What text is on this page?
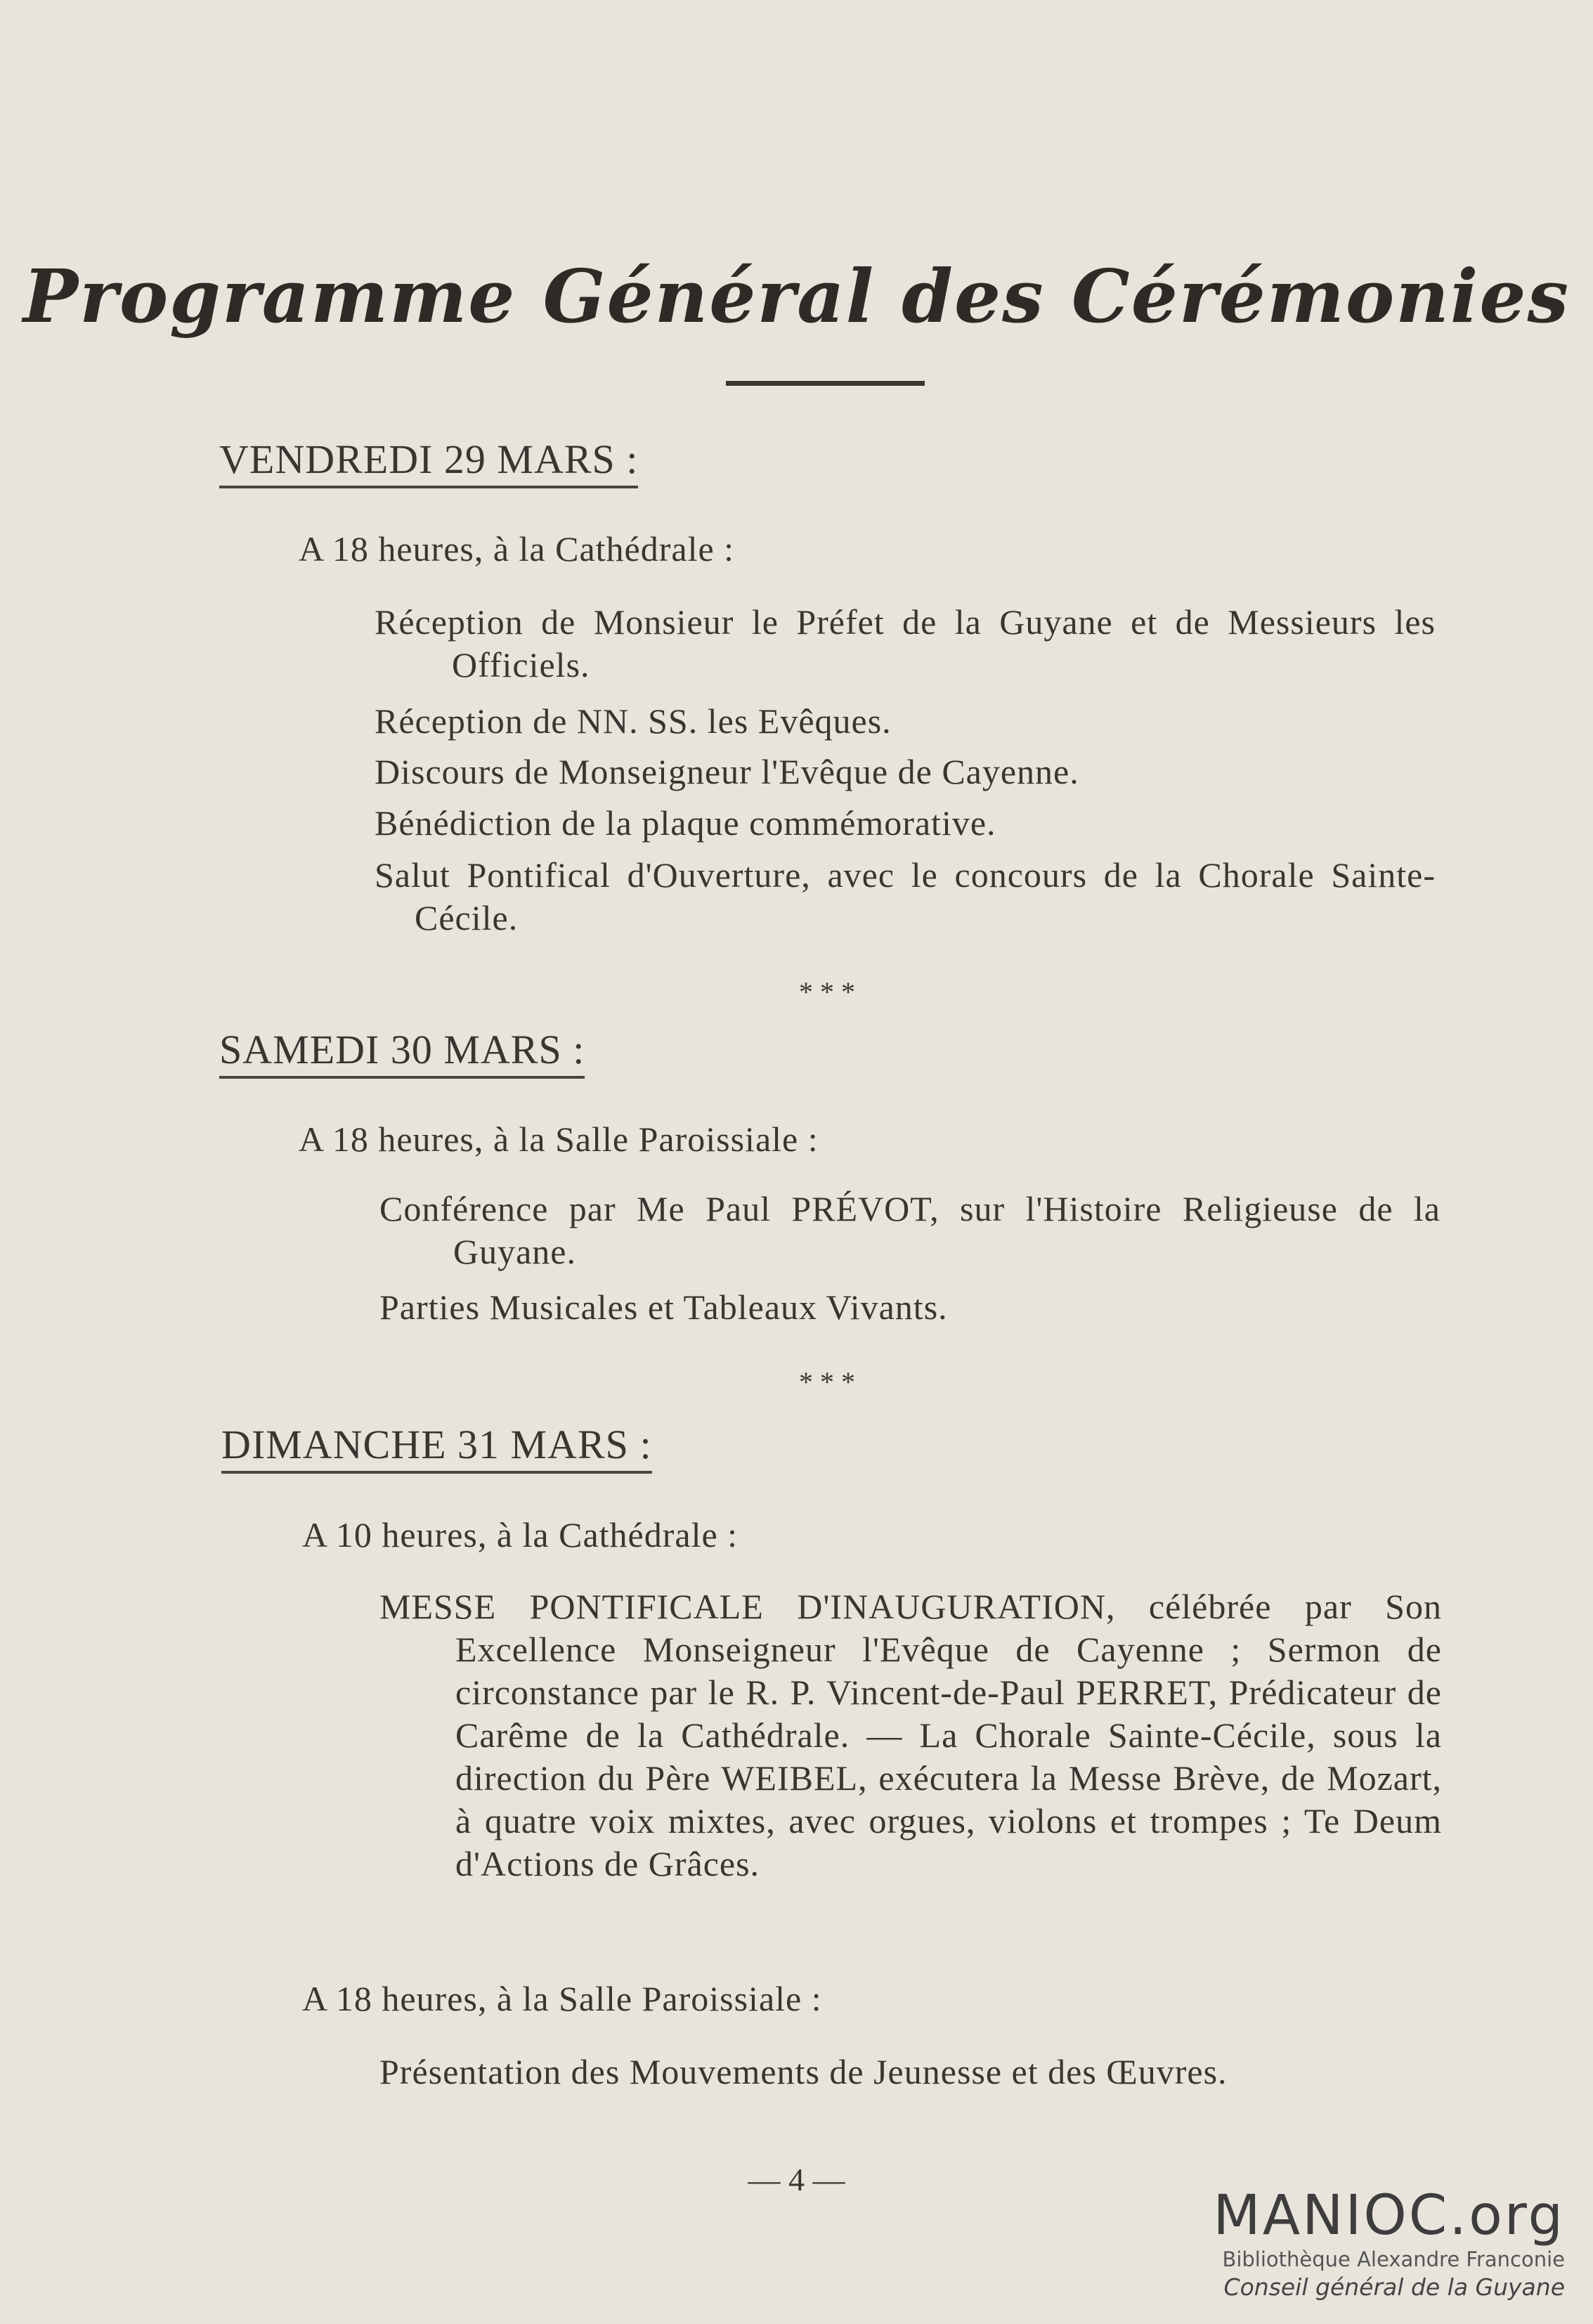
Programme Général des Cérémonies
VENDREDI 29 MARS :
A 18 heures, à la Cathédrale :
Réception de Monsieur le Préfet de la Guyane et de Messieurs les Officiels.
Réception de NN. SS. les Evêques.
Discours de Monseigneur l'Evêque de Cayenne.
Bénédiction de la plaque commémorative.
Salut Pontifical d'Ouverture, avec le concours de la Chorale Sainte-Cécile.
* * *
SAMEDI 30 MARS :
A 18 heures, à la Salle Paroissiale :
Conférence par Me Paul PRÉVOT, sur l'Histoire Religieuse de la Guyane.
Parties Musicales et Tableaux Vivants.
* * *
DIMANCHE 31 MARS :
A 10 heures, à la Cathédrale :
MESSE PONTIFICALE D'INAUGURATION, célébrée par Son Excellence Monseigneur l'Evêque de Cayenne ; Sermon de circonstance par le R. P. Vincent-de-Paul PERRET, Prédicateur de Carême de la Cathédrale. — La Chorale Sainte-Cécile, sous la direction du Père WEIBEL, exécutera la Messe Brève, de Mozart, à quatre voix mixtes, avec orgues, violons et trompes ; Te Deum d'Actions de Grâces.
A 18 heures, à la Salle Paroissiale :
Présentation des Mouvements de Jeunesse et des Œuvres.
— 4 —
MANIOC.org
Bibliothèque Alexandre Franconie
Conseil général de la Guyane
